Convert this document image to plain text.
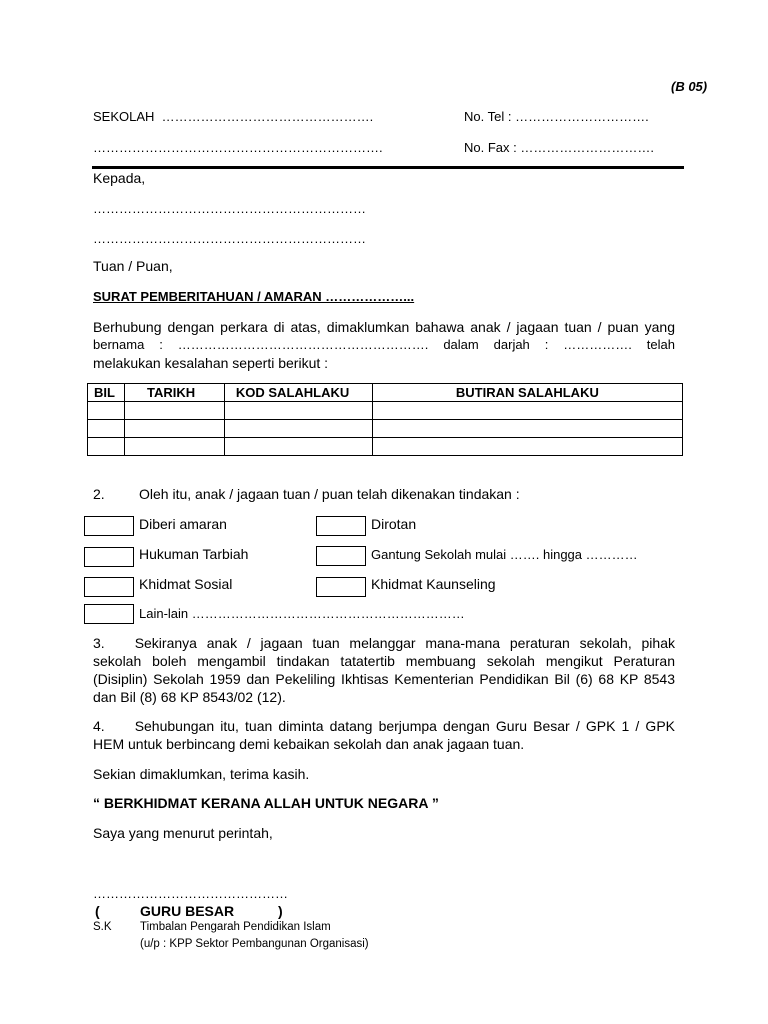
(B 05)
SEKOLAH ………………………………………….	No. Tel : ………………………….
………………………………………………………….	No. Fax : ………………………….
Kepada,
………………………………………………………
………………………………………………………
Tuan / Puan,
SURAT PEMBERITAHUAN / AMARAN ………………...
Berhubung dengan perkara di atas, dimaklumkan bahawa anak / jagaan tuan / puan yang
bernama : …………………………………………………. dalam darjah : ……………. telah
melakukan kesalahan seperti berikut :
BIL	TARIKH	KOD SALAHLAKU	BUTIRAN SALAHLAKU

2. Oleh itu, anak / jagaan tuan / puan telah dikenakan tindakan :
Diberi amaran	Dirotan
Hukuman Tarbiah	Gantung Sekolah mulai ……. hingga …………
Khidmat Sosial	Khidmat Kaunseling
Lain-lain ………………………………………………………
3. Sekiranya anak / jagaan tuan melanggar mana-mana peraturan sekolah, pihak
sekolah boleh mengambil tindakan tatatertib membuang sekolah mengikut Peraturan
(Disiplin) Sekolah 1959 dan Pekeliling Ikhtisas Kementerian Pendidikan Bil (6) 68 KP 8543
dan Bil (8) 68 KP 8543/02 (12).
4. Sehubungan itu, tuan diminta datang berjumpa dengan Guru Besar / GPK 1 / GPK
HEM untuk berbincang demi kebaikan sekolah dan anak jagaan tuan.
Sekian dimaklumkan, terima kasih.
“ BERKHIDMAT KERANA ALLAH UNTUK NEGARA ”
Saya yang menurut perintah,
………………………………………
(	GURU BESAR	)
S.K Timbalan Pengarah Pendidikan Islam
(u/p : KPP Sektor Pembangunan Organisasi)
